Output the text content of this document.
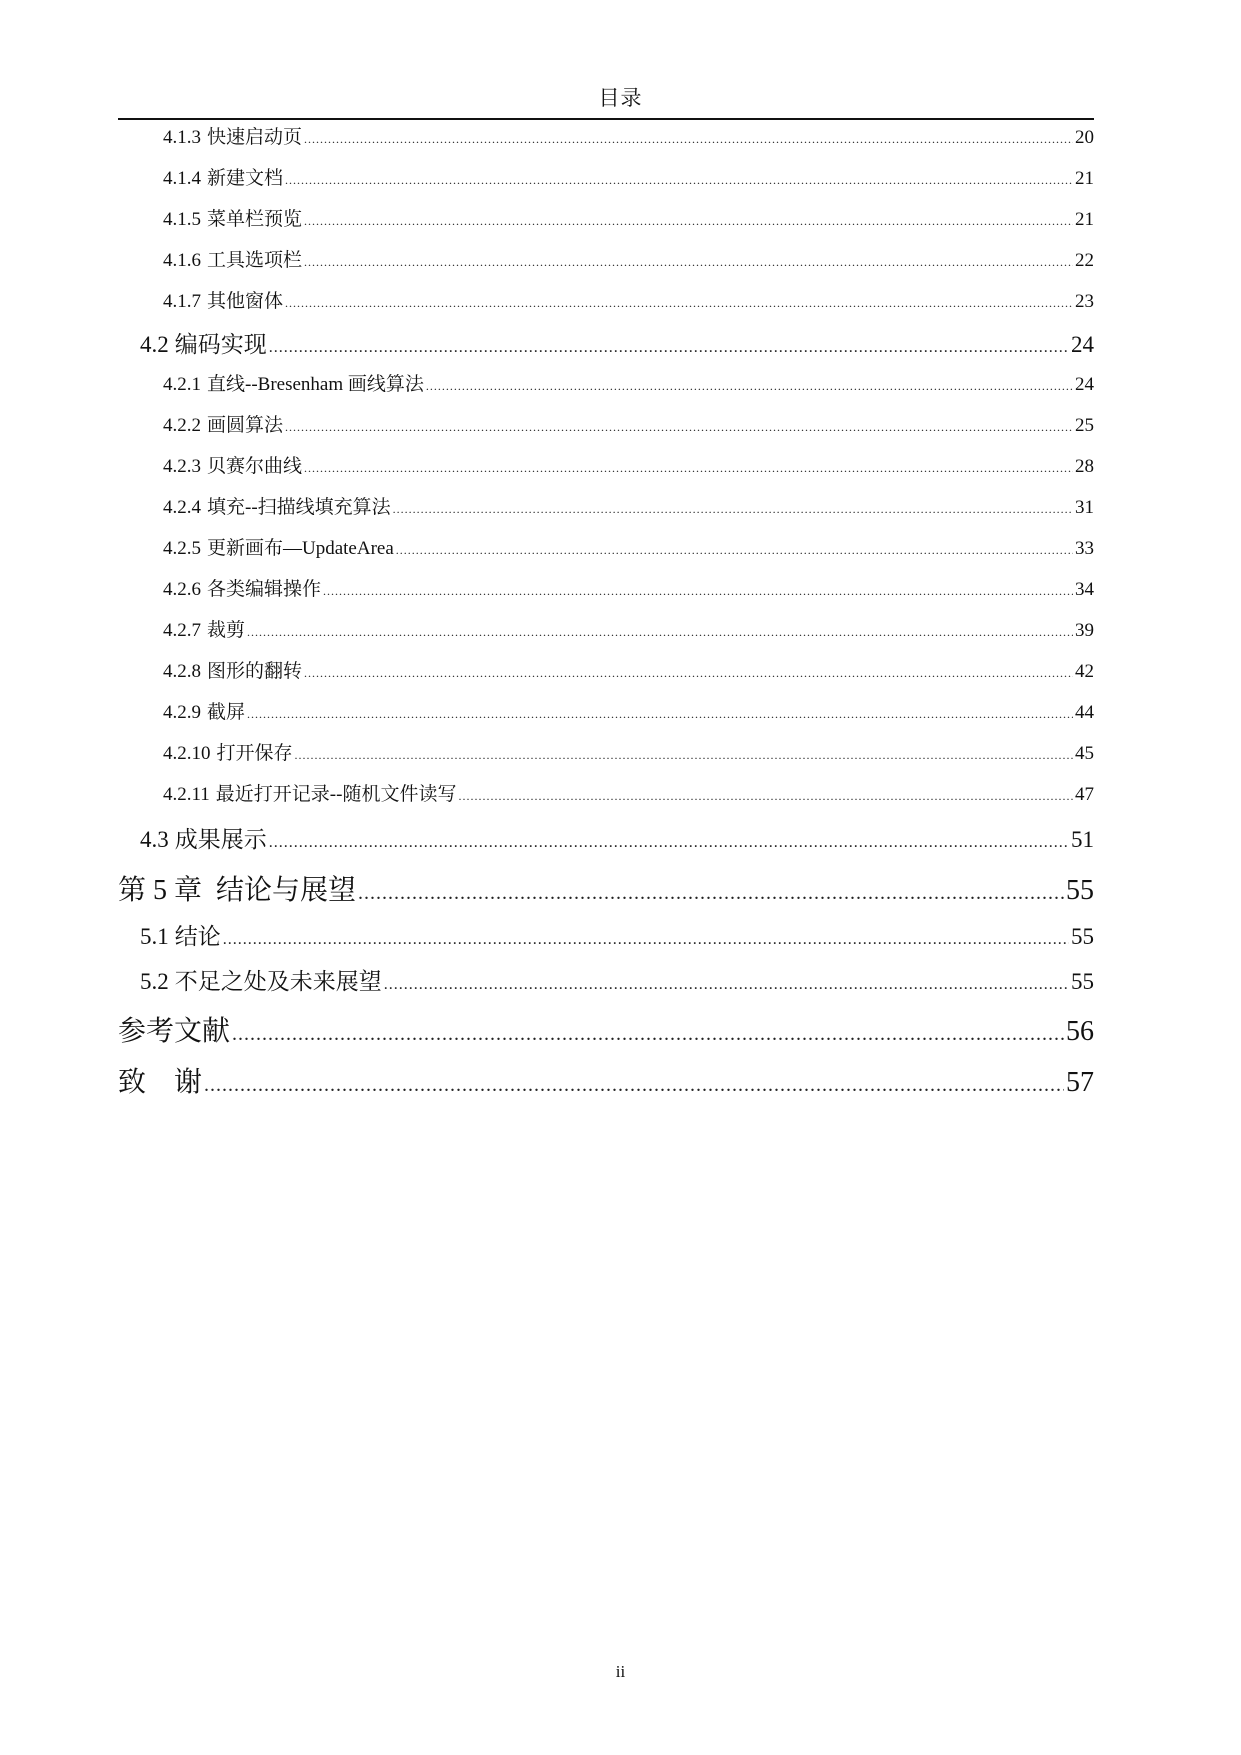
目录
4.1.3 快速启动页 .....	20
4.1.4 新建文档 .....	21
4.1.5 菜单栏预览 .....	21
4.1.6 工具选项栏 .....	22
4.1.7 其他窗体 .....	23
4.2 编码实现 .....	24
4.2.1 直线--Bresenham 画线算法 .....	24
4.2.2 画圆算法 .....	25
4.2.3 贝赛尔曲线 .....	28
4.2.4 填充--扫描线填充算法 .....	31
4.2.5 更新画布—UpdateArea .....	33
4.2.6 各类编辑操作 .....	34
4.2.7 裁剪 .....	39
4.2.8 图形的翻转 .....	42
4.2.9 截屏 .....	44
4.2.10 打开保存 .....	45
4.2.11 最近打开记录--随机文件读写 .....	47
4.3 成果展示 .....	51
第 5 章 结论与展望 .....	55
5.1 结论 .....	55
5.2 不足之处及未来展望 .....	55
参考文献 .....	56
致　谢 .....	57
ii
